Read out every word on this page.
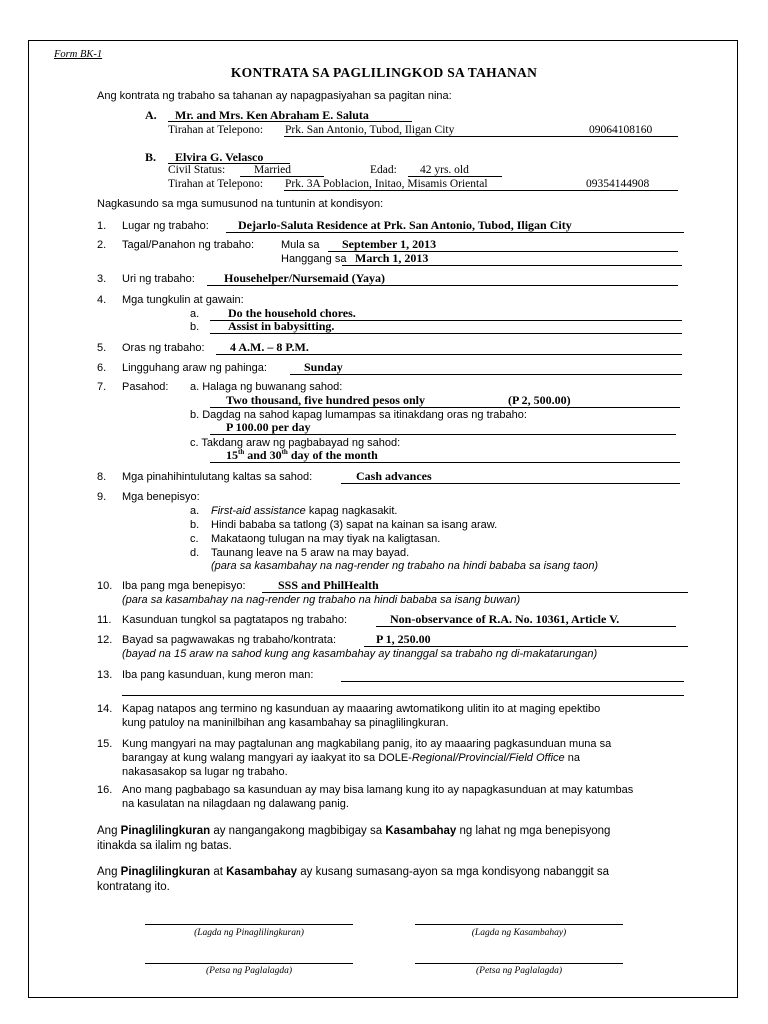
Form BK-1
KONTRATA SA PAGLILINGKOD SA TAHANAN
Ang kontrata ng trabaho sa tahanan ay napagpasiyahan sa pagitan nina:
A. Mr. and Mrs. Ken Abraham E. Saluta
Tirahan at Telepono: Prk. San Antonio, Tubod, Iligan City	09064108160
B. Elvira G. Velasco
Civil Status:	Married	Edad: 42 yrs. old
Tirahan at Telepono: Prk. 3A Poblacion, Initao, Misamis Oriental	09354144908
Nagkasundo sa mga sumusunod na tuntunin at kondisyon:
1. Lugar ng trabaho: Dejarlo-Saluta Residence at Prk. San Antonio, Tubod, Iligan City
2. Tagal/Panahon ng trabaho: Mula sa September 1, 2013
Hanggang sa March 1, 2013
3. Uri ng trabaho: Househelper/Nursemaid (Yaya)
4. Mga tungkulin at gawain:
a. Do the household chores.
b. Assist in babysitting.
5. Oras ng trabaho: 4 A.M. – 8 P.M.
6. Lingguhang araw ng pahinga:	Sunday
7. Pasahod: a. Halaga ng buwanang sahod:
Two thousand, five hundred pesos only	(P 2, 500.00)
b. Dagdag na sahod kapag lumampas sa itinakdang oras ng trabaho:
P 100.00 per day
c. Takdang araw ng pagbabayad ng sahod:
15th and 30th day of the month
8. Mga pinahihintulutang kaltas sa sahod:	Cash advances
9. Mga benepisyo:
a. First-aid assistance kapag nagkasakit.
b. Hindi bababa sa tatlong (3) sapat na kainan sa isang araw.
c. Makataong tulugan na may tiyak na kaligtasan.
d. Taunang leave na 5 araw na may bayad.
(para sa kasambahay na nag-render ng trabaho na hindi bababa sa isang taon)
10. Iba pang mga benepisyo:	SSS and PhilHealth
(para sa kasambahay na nag-render ng trabaho na hindi bababa sa isang buwan)
11. Kasunduan tungkol sa pagtatapos ng trabaho:	Non-observance of R.A. No. 10361, Article V.
12. Bayad sa pagwawakas ng trabaho/kontrata:	P 1, 250.00
(bayad na 15 araw na sahod kung ang kasambahay ay tinanggal sa trabaho ng di-makatarungan)
13. Iba pang kasunduan, kung meron man:
14. Kapag natapos ang termino ng kasunduan ay maaaring awtomatikong ulitin ito at maging epektibo
kung patuloy na maninilbihan ang kasambahay sa pinaglilingkuran.
15. Kung mangyari na may pagtalunan ang magkabilang panig, ito ay maaaring pagkasunduan muna sa
barangay at kung walang mangyari ay iaakyat ito sa DOLE-Regional/Provincial/Field Office na
nakasasakop sa lugar ng trabaho.
16. Ano mang pagbabago sa kasunduan ay may bisa lamang kung ito ay napagkasunduan at may katumbas
na kasulatan na nilagdaan ng dalawang panig.
Ang Pinaglilingkuran ay nangangakong magbibigay sa Kasambahay ng lahat ng mga benepisyong
itinakda sa ilalim ng batas.
Ang Pinaglilingkuran at Kasambahay ay kusang sumasang-ayon sa mga kondisyong nabanggit sa
kontratang ito.
(Lagda ng Pinaglilingkuran)	(Lagda ng Kasambahay)
(Petsa ng Paglalagda)	(Petsa ng Paglalagda)
